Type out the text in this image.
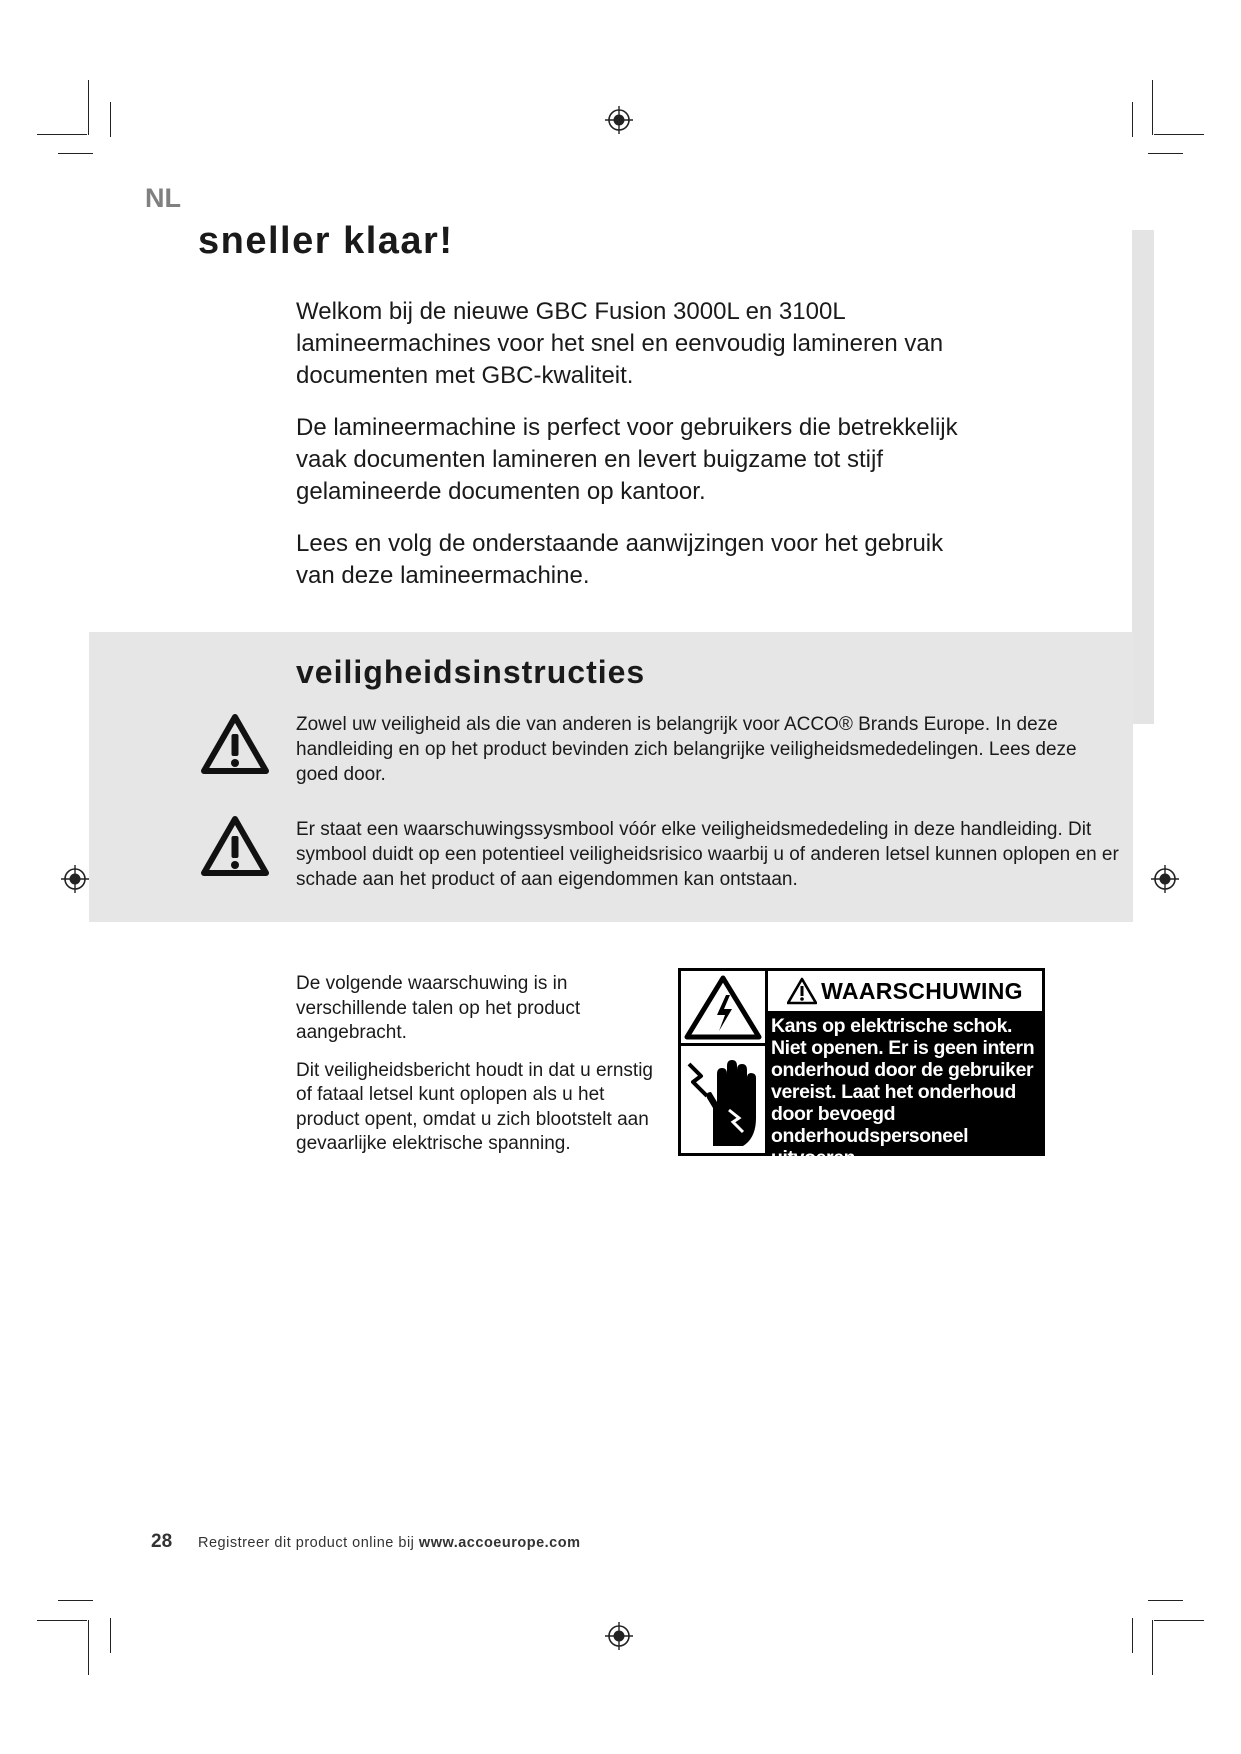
NL
sneller klaar!

Welkom bij de nieuwe GBC Fusion 3000L en 3100L lamineermachines voor het snel en eenvoudig lamineren van documenten met GBC-kwaliteit.

De lamineermachine is perfect voor gebruikers die betrekkelijk vaak documenten lamineren en levert buigzame tot stijf gelamineerde documenten op kantoor.

Lees en volg de onderstaande aanwijzingen voor het gebruik van deze lamineermachine.

veiligheidsinstructies

Zowel uw veiligheid als die van anderen is belangrijk voor ACCO® Brands Europe. In deze handleiding en op het product bevinden zich belangrijke veiligheidsmededelingen. Lees deze goed door.

Er staat een waarschuwingssysmbool vóór elke veiligheidsmededeling in deze handleiding. Dit symbool duidt op een potentieel veiligheidsrisico waarbij u of anderen letsel kunnen oplopen en er schade aan het product of aan eigendommen kan ontstaan.

De volgende waarschuwing is in verschillende talen op het product aangebracht.

Dit veiligheidsbericht houdt in dat u ernstig of fataal letsel kunt oplopen als u het product opent, omdat u zich blootstelt aan gevaarlijke elektrische spanning.

WAARSCHUWING
Kans op elektrische schok. Niet openen. Er is geen intern onderhoud door de gebruiker vereist. Laat het onderhoud door bevoegd onderhoudspersoneel uitvoeren.
28 Registreer dit product online bij www.accoeurope.com
